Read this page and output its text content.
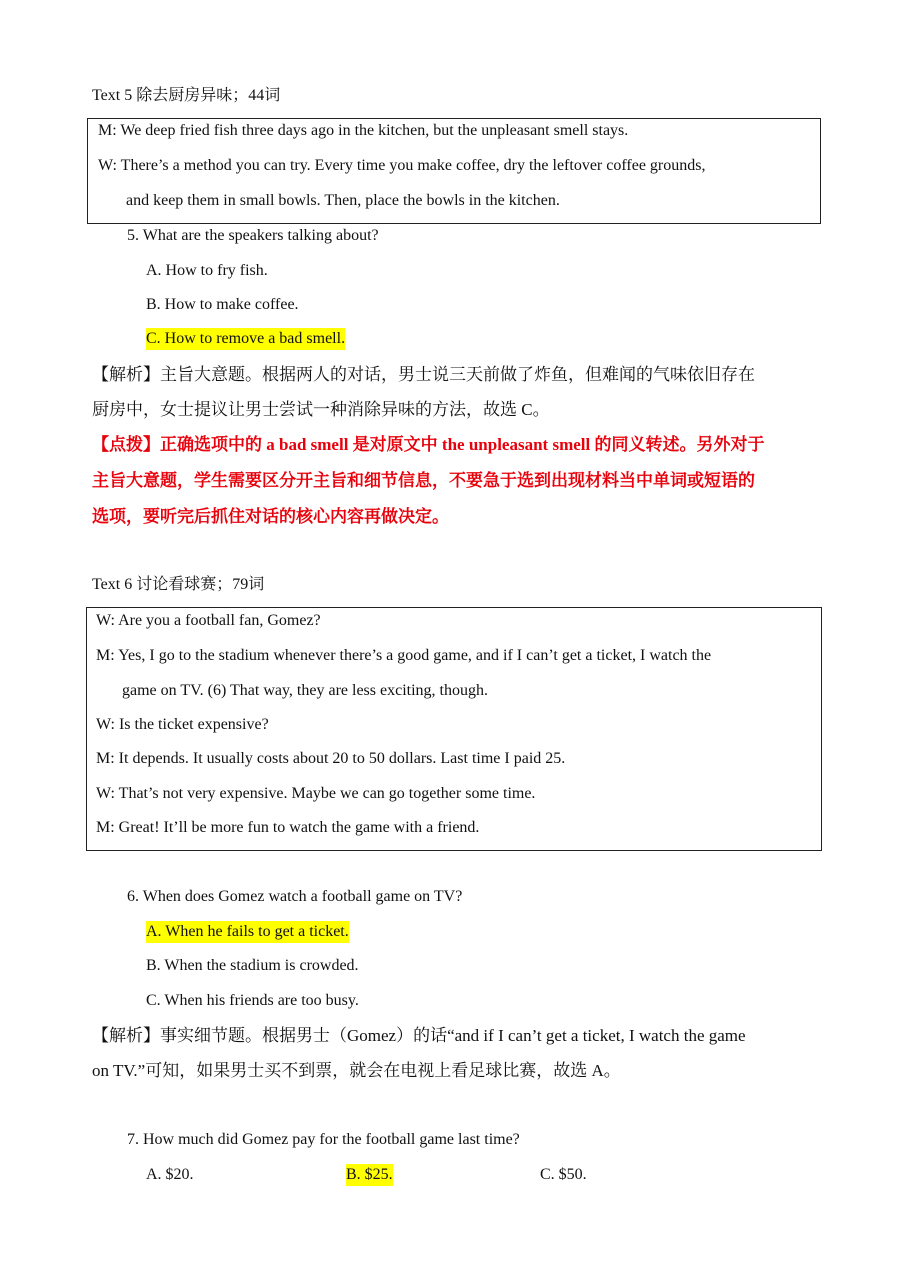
Text 5 除去厨房异味；44词
M: We deep fried fish three days ago in the kitchen, but the unpleasant smell stays.
W: There’s a method you can try. Every time you make coffee, dry the leftover coffee grounds,
and keep them in small bowls. Then, place the bowls in the kitchen.
5. What are the speakers talking about?
A. How to fry fish.
B. How to make coffee.
C. How to remove a bad smell.
【解析】主旨大意题。根据两人的对话，男士说三天前做了炸鱼，但难闻的气味依旧存在
厨房中，女士提议让男士尝试一种消除异味的方法，故选 C。
【点拨】正确选项中的 a bad smell 是对原文中 the unpleasant smell 的同义转述。另外对于
主旨大意题，学生需要区分开主旨和细节信息，不要急于选到出现材料当中单词或短语的
选项，要听完后抓住对话的核心内容再做决定。
Text 6 讨论看球赛；79词
W: Are you a football fan, Gomez?
M: Yes, I go to the stadium whenever there’s a good game, and if I can’t get a ticket, I watch the
game on TV. (6) That way, they are less exciting, though.
W: Is the ticket expensive?
M: It depends. It usually costs about 20 to 50 dollars. Last time I paid 25.
W: That’s not very expensive. Maybe we can go together some time.
M: Great! It’ll be more fun to watch the game with a friend.
6. When does Gomez watch a football game on TV?
A. When he fails to get a ticket.
B. When the stadium is crowded.
C. When his friends are too busy.
【解析】事实细节题。根据男士（Gomez）的话“and if I can’t get a ticket, I watch the game
on TV.”可知，如果男士买不到票，就会在电视上看足球比赛，故选 A。
7. How much did Gomez pay for the football game last time?
A. $20.	B. $25.	C. $50.
